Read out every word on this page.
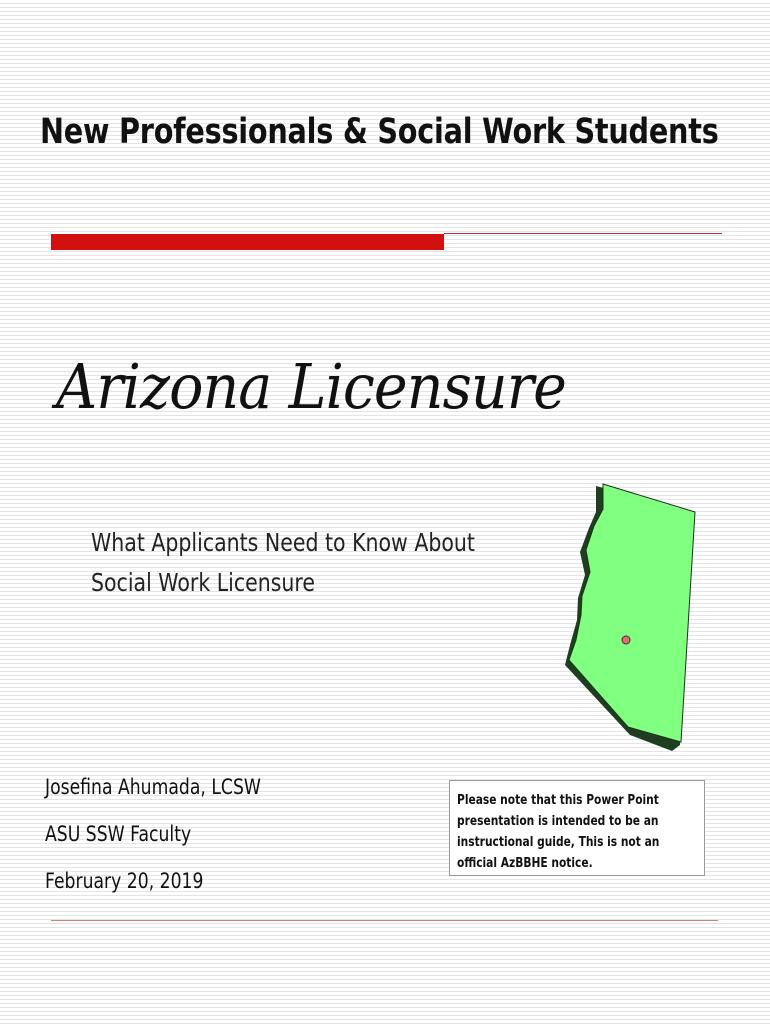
New Professionals & Social Work Students
Arizona Licensure
What Applicants Need to Know About
Social Work Licensure
Josefina Ahumada, LCSW
ASU SSW Faculty
February 20, 2019
Please note that this Power Point presentation is intended to be an instructional guide, This is not an official AzBBHE notice.
